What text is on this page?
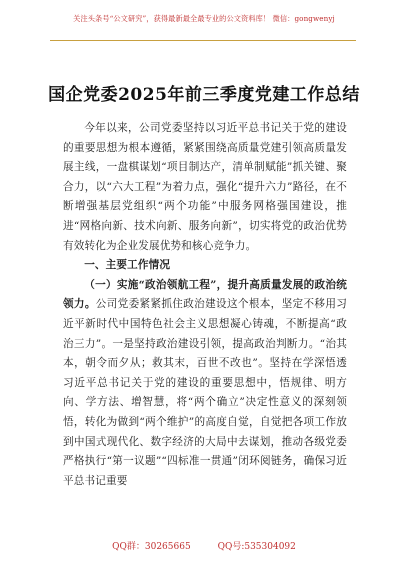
关注头条号“公文研究”，获得最新最全最专业的公文资料库！ 微信：gongwenyj
国企党委2025年前三季度党建工作总结

今年以来，公司党委坚持以习近平总书记关于党的建设的重要思想为根本遵循，紧紧围绕高质量党建引领高质量发展主线，一盘棋谋划“项目制达产，清单制赋能”抓关键、聚合力，以“六大工程”为着力点，强化“提升六力”路径，在不断增强基层党组织“两个功能”中服务网格强国建设，推进“网格向新、技术向新、服务向新”，切实将党的政治优势有效转化为企业发展优势和核心竞争力。

一、主要工作情况

（一）实施“政治领航工程”，提升高质量发展的政治统领力。公司党委紧紧抓住政治建设这个根本，坚定不移用习近平新时代中国特色社会主义思想凝心铸魂，不断提高“政治三力”。一是坚持政治建设引领，提高政治判断力。“治其本，朝令而夕从；救其末，百世不改也”。坚持在学深悟透习近平总书记关于党的建设的重要思想中，悟规律、明方向、学方法、增智慧，将“两个确立”决定性意义的深刻领悟，转化为做到“两个维护”的高度自觉，自觉把各项工作放到中国式现代化、数字经济的大局中去谋划，推动各级党委严格执行“第一议题”“四标准一贯通”闭环阅链务，确保习近平总书记重要

QQ群：30265665	QQ号:535304092
